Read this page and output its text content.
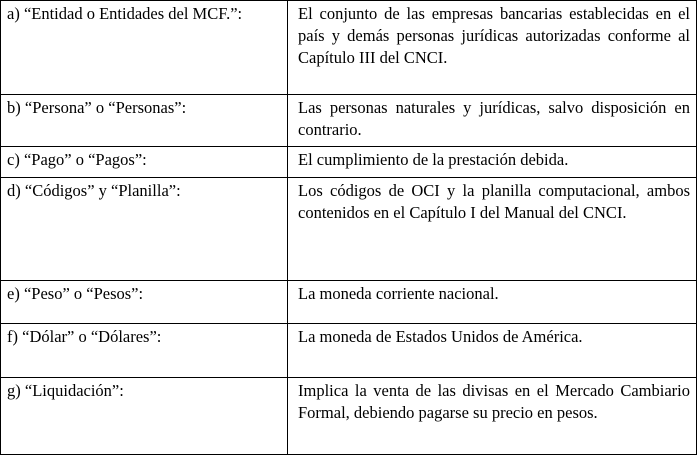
a) “Entidad o Entidades del MCF.”:	El conjunto de las empresas bancarias establecidas en el país y demás personas jurídicas autorizadas conforme al Capítulo III del CNCI.
b) “Persona” o “Personas”:	Las personas naturales y jurídicas, salvo disposición en contrario.
c) “Pago” o “Pagos”:	El cumplimiento de la prestación debida.
d) “Códigos” y “Planilla”:	Los códigos de OCI y la planilla computacional, ambos contenidos en el Capítulo I del Manual del CNCI.
e) “Peso” o “Pesos”:	La moneda corriente nacional.
f) “Dólar” o “Dólares”:	La moneda de Estados Unidos de América.
g) “Liquidación”:	Implica la venta de las divisas en el Mercado Cambiario Formal, debiendo pagarse su precio en pesos.
